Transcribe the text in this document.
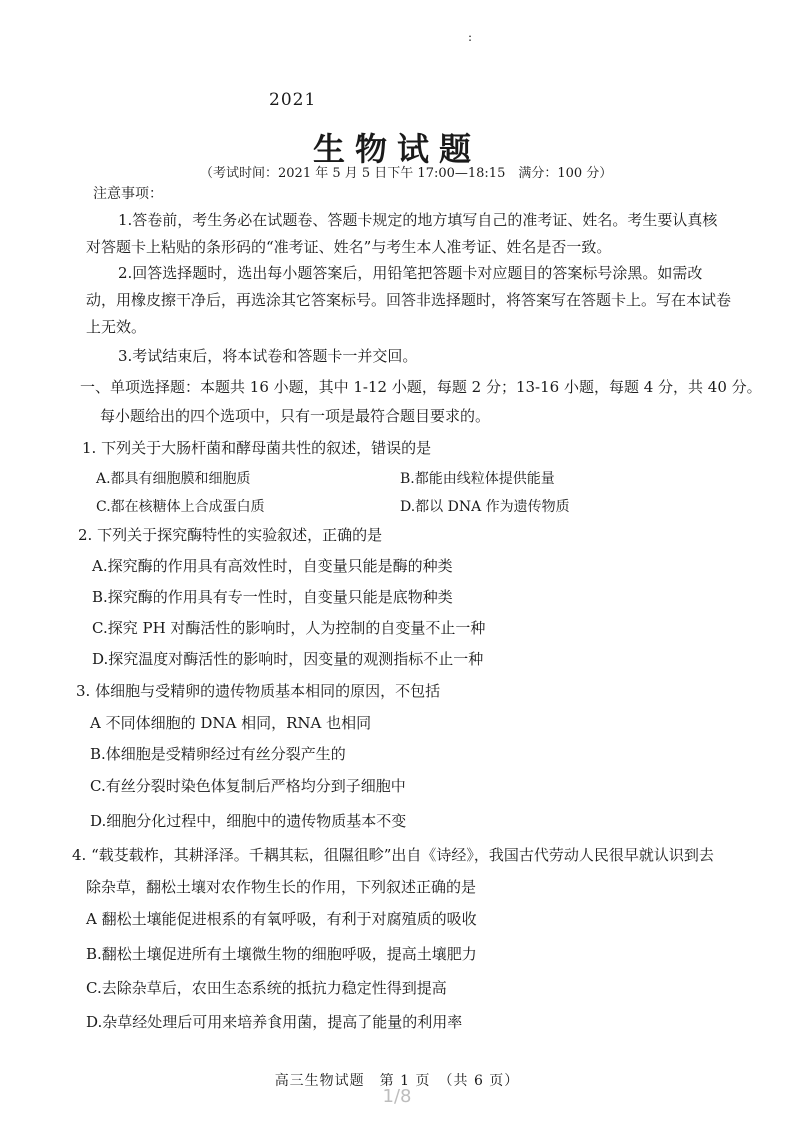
:
2021
生物试题
（考试时间：2021 年 5 月 5 日下午 17:00—18:15　满分：100 分）
注意事项：
1.答卷前，考生务必在试题卷、答题卡规定的地方填写自己的准考证、姓名。考生要认真核
对答题卡上粘贴的条形码的“准考证、姓名”与考生本人准考证、姓名是否一致。
2.回答选择题时，选出每小题答案后，用铅笔把答题卡对应题目的答案标号涂黑。如需改
动，用橡皮擦干净后，再选涂其它答案标号。回答非选择题时，将答案写在答题卡上。写在本试卷
上无效。
3.考试结束后，将本试卷和答题卡一并交回。
一、单项选择题：本题共 16 小题，其中 1-12 小题，每题 2 分；13-16 小题，每题 4 分，共 40 分。
每小题给出的四个选项中，只有一项是最符合题目要求的。
1. 下列关于大肠杆菌和酵母菌共性的叙述，错误的是
A.都具有细胞膜和细胞质	B.都能由线粒体提供能量
C.都在核糖体上合成蛋白质	D.都以 DNA 作为遗传物质
2. 下列关于探究酶特性的实验叙述，正确的是
A.探究酶的作用具有高效性时，自变量只能是酶的种类
B.探究酶的作用具有专一性时，自变量只能是底物种类
C.探究 PH 对酶活性的影响时，人为控制的自变量不止一种
D.探究温度对酶活性的影响时，因变量的观测指标不止一种
3. 体细胞与受精卵的遗传物质基本相同的原因，不包括
A 不同体细胞的 DNA 相同，RNA 也相同
B.体细胞是受精卵经过有丝分裂产生的
C.有丝分裂时染色体复制后严格均分到子细胞中
D.细胞分化过程中，细胞中的遗传物质基本不变
4. “载芟载柞，其耕泽泽。千耦其耘，徂隰徂畛”出自《诗经》，我国古代劳动人民很早就认识到去
除杂草，翻松土壤对农作物生长的作用，下列叙述正确的是
A 翻松土壤能促进根系的有氧呼吸，有利于对腐殖质的吸收
B.翻松土壤促进所有土壤微生物的细胞呼吸，提高土壤肥力
C.去除杂草后，农田生态系统的抵抗力稳定性得到提高
D.杂草经处理后可用来培养食用菌，提高了能量的利用率
高三生物试题　第 1 页　（共 6 页）
1/8
